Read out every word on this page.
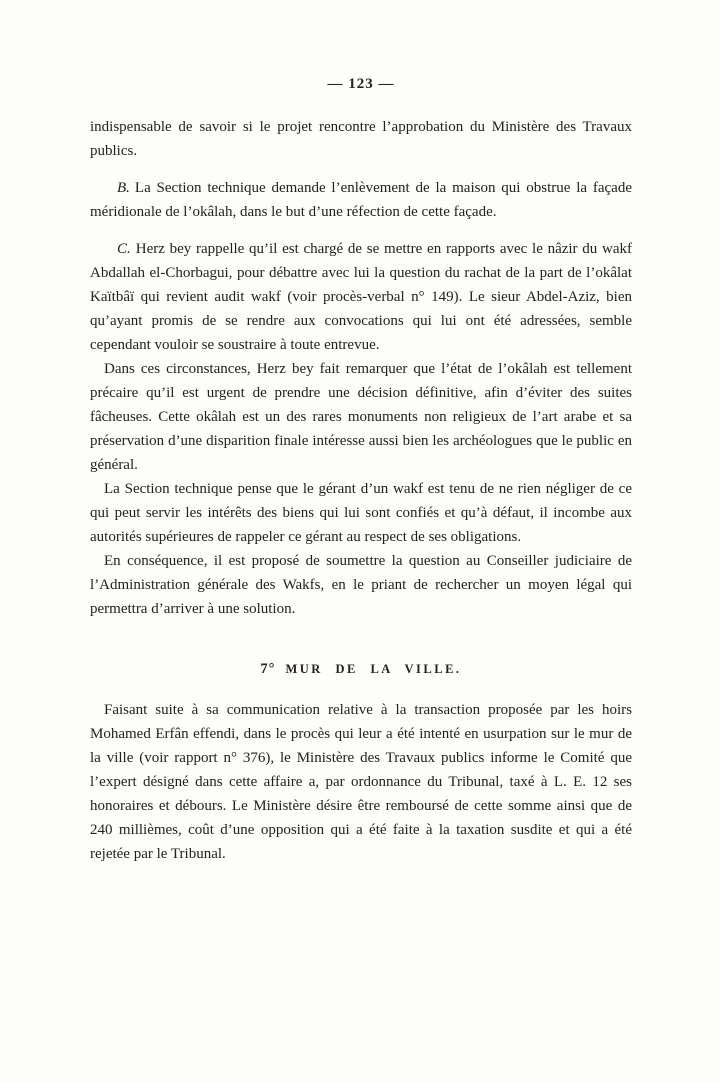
— 123 —

indispensable de savoir si le projet rencontre l’approbation du Ministère des Travaux publics.

B. La Section technique demande l’enlèvement de la maison qui obstrue la façade méridionale de l’okâlah, dans le but d’une réfection de cette façade.

C. Herz bey rappelle qu’il est chargé de se mettre en rapports avec le nâzir du wakf Abdallah el-Chorbagui, pour débattre avec lui la question du rachat de la part de l’okâlat Kaïtbâï qui revient audit wakf (voir procès-verbal n° 149). Le sieur Abdel-Aziz, bien qu’ayant promis de se rendre aux convocations qui lui ont été adressées, semble cependant vouloir se soustraire à toute entrevue.

Dans ces circonstances, Herz bey fait remarquer que l’état de l’okâlah est tellement précaire qu’il est urgent de prendre une décision définitive, afin d’éviter des suites fâcheuses. Cette okâlah est un des rares monuments non religieux de l’art arabe et sa préservation d’une disparition finale intéresse aussi bien les archéologues que le public en général.

La Section technique pense que le gérant d’un wakf est tenu de ne rien négliger de ce qui peut servir les intérêts des biens qui lui sont confiés et qu’à défaut, il incombe aux autorités supérieures de rappeler ce gérant au respect de ses obligations.

En conséquence, il est proposé de soumettre la question au Conseiller judiciaire de l’Administration générale des Wakfs, en le priant de rechercher un moyen légal qui permettra d’arriver à une solution.

7° MUR DE LA VILLE.

Faisant suite à sa communication relative à la transaction proposée par les hoirs Mohamed Erfân effendi, dans le procès qui leur a été intenté en usurpation sur le mur de la ville (voir rapport n° 376), le Ministère des Travaux publics informe le Comité que l’expert désigné dans cette affaire a, par ordonnance du Tribunal, taxé à L. E. 12 ses honoraires et débours. Le Ministère désire être remboursé de cette somme ainsi que de 240 millièmes, coût d’une opposition qui a été faite à la taxation susdite et qui a été rejetée par le Tribunal.
